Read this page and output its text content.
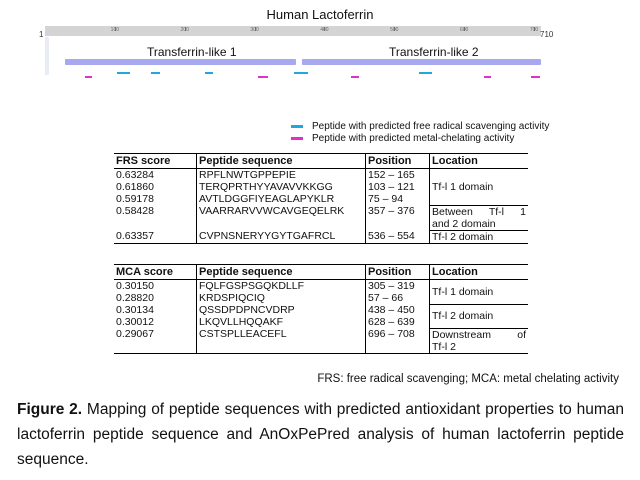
Human Lactoferrin
100	200	300	400	500	600	700
1	710
Transferrin-like 1	Transferrin-like 2
Peptide with predicted free radical scavenging activity
Peptide with predicted metal-chelating activity
FRS score	Peptide sequence	Position	Location
0.63284	RPFLNWTGPPEPIE	152 – 165	Tf-l 1 domain
0.61860	TERQPRTHYYAVAVVKKGG	103 – 121	
0.59178	AVTLDGGFIYEAGLAPYKLR	75 – 94	
0.58428	VAARRARVVWCAVGEQELRK	357 – 376	Between Tf-l 1
and 2 domain

0.63357	CVPNSNERYYGYTGAFRCL	536 – 554	Tf-l 2 domain
MCA score	Peptide sequence	Position	Location
0.30150	FQLFGSPSGQKDLLF	305 – 319	Tf-l 1 domain
0.28820	KRDSPIQCIQ	57 – 66	
0.30134	QSSDPDPNCVDRP	438 – 450	Tf-l 2 domain
0.30012	LKQVLLHQQAKF	628 – 639	
0.29067	CSTSPLLEACEFL	696 – 708	Downstream of
Tf-l 2
FRS: free radical scavenging; MCA: metal chelating activity
Figure 2. Mapping of peptide sequences with predicted antioxidant properties to human lactoferrin peptide sequence and AnOxPePred analysis of human lactoferrin peptide sequence.
